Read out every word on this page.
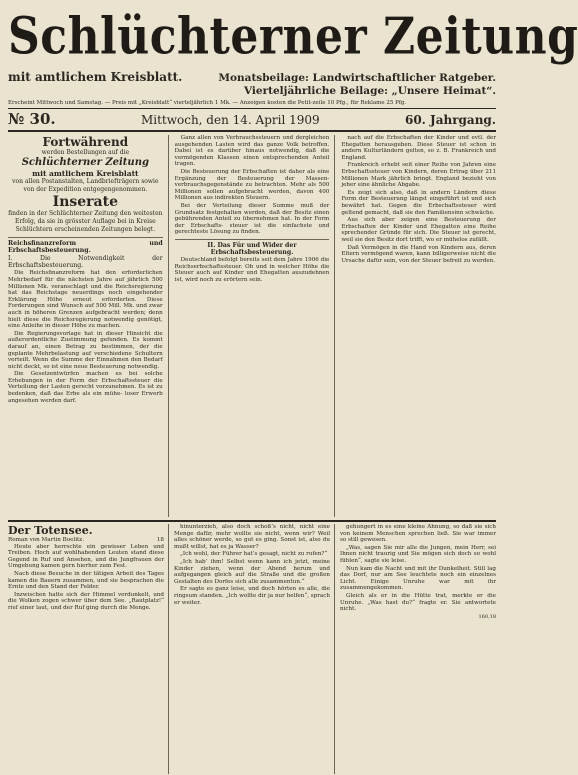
Schlüchterner Zeitung
mit amtlichem Kreisblatt.	Monatsbeilage: Landwirtschaftlicher Ratgeber.
Vierteljährliche Beilage: „Unsere Heimat“.
Erscheint Mittwoch und Samstag. — Preis mit „Kreisblatt“ vierteljährlich 1 Mk. — Anzeigen kosten die Petit-zeile 10 Pfg., für Reklame 25 Pfg.
№ 30.	Mittwoch, den 14. April 1909	60. Jahrgang.
Fortwährend
werden Bestellungen auf die
Schlüchterner Zeitung
mit amtlichem Kreisblatt
von allen Postanstalten, Landbriefträgern sowie von der Expedition entgegengenommen.
Inserate
finden in der Schlüchterner Zeitung den weitesten Erfolg, da sie in grösster Auflage bei in Kreise Schlüchtern erscheinenden Zeitungen belegt.
Reichsfinanzreform und Erbschaftsbesteuerung.
I. Die Notwendigkeit der Erbschaftsbesteuerung.

Die Reichsfinanzreform hat den erforderlichen Mehrbedarf für die nächsten Jahre auf jährlich 500 Millionen Mk. veranschlagt und die Reichsregierung hat das Reichstage neuerdings noch eingehender Erklärung Höhe erneut erforderten. Diese Forderungen sind Wunsch auf 500 Mill. Mk. und zwar auch in höheren Grenzen aufgebracht werden; denn hielt diese die Reichsregierung notwendig genötigt, eine Anleihe in dieser Höhe zu machen.

Die Regierungsvorlage hat in dieser Hinsicht die außerordentliche Zustimmung gefunden. Es kommt darauf an, einen Betrag zu bestimmen, der die geplante Mehrbelastung auf verschiedene Schultern verteilt. Wenn die Summe der Einnahmen den Bedarf nicht deckt, so ist eine neue Besteuerung notwendig.

Die Gesetzentwürfen machen es bei solche Erhebungen in der Form der Erbschaftssteuer die Verteilung der Lasten gerecht vorzunehmen. Es ist zu bedenken, daß das Erbe als ein mühe- loser Erwerb angesehen werden darf.

Ganz allen von Verbrauchssteuern und dergleichen ausgehenden Lasten wird das ganze Volk betroffen. Dabei ist es darüber hinaus notwendig, daß die vermögenden Klassen einen entsprechenden Anteil tragen.

Die Besteuerung der Erbschaften ist daher als eine Ergänzung der Besteuerung der Massen- verbrauchsgegenstände zu betrachten. Mehr als 500 Millionen sollen aufgebracht werden, davon 400 Millionen aus indirekten Steuern.

Bei der Verteilung dieser Summe muß der Grundsatz festgehalten werden, daß der Besitz einen gebührenden Anteil zu übernehmen hat. In der Form der Erbschafts- steuer ist die einfachste und gerechteste Lösung zu finden.

II. Das Für und Wider der Erbschaftsbesteuerung.

Deutschland befolgt bereits seit dem Jahre 1906 die Reichserbschaftssteuer. Ob und in welcher Höhe die Steuer auch auf Kinder und Ehegatten auszudehnen ist, wird noch zu erörtern sein.

nach auf die Erbschaften der Kinder und evtl. der Ehegatten herausgeben. Diese Steuer ist schon in andern Kulturländern gelten, so z. B. Frankreich und England.

Frankreich erhebt seit einer Reihe von Jahren eine Erbschaftssteuer von Kindern, deren Ertrag über 211 Millionen Mark jährlich bringt. England bezieht von jeher eine ähnliche Abgabe.

Es zeigt sich also, daß in andern Ländern diese Form der Besteuerung längst eingeführt ist und sich bewährt hat. Gegen die Erbschaftssteuer wird geltend gemacht, daß sie den Familiensinn schwäche.

Aus sich aber zeigen eine Besteuerung der Erbschaften der Kinder und Ehegatten eine Reihe sprechender Gründe für sich. Die Steuer ist gerecht, weil sie den Besitz dort trifft, wo er mühelos zufällt.

Daß Vermögen in die Hand von Kindern aus, deren Eltern vermögend waren, kann billigerweise nicht die Ursache dafür sein, von der Steuer befreit zu werden.

Der Totensee.
Roman von Martin Boelitz.	18

Heute aber herrschte ein gewisser Leben und Treiben. Hoch auf wohlhabenden Leuten stand diese Gegend in Ruf und Ansehen, und die Jungfrauen der Umgebung kamen gern hierher zum Fest.

Nach diese Besuche in der tätigen Arbeit des Tages kamen die Bauern zusammen, und sie besprachen die Ernte und den Stand der Felder.

Inzwischen hatte sich der Himmel verdunkelt, und die Wolken zogen schwer über dem See. „Rautplatz!“ rief einer laut, und der Ruf ging durch die Menge.

hinunterzieh, also doch schoß’s nicht, nicht eine Menge dafür, mehr wollte sie nicht, wenn wir? Weil alles schöner werde, so gut es ging. Sonst ist, also du mußt willst, hat es ja Wasser?

„Ich wohl, der Führer hat’s gesagt, nicht zu rufen?“

„Ich hab’ ihm! Selbst wenn kann ich jetzt, meine Kinder ziehen, wenn der Abend herum und aufgegangen gleich auf die Straße und die großen Gestalten des Dorfes sich alle zusammentun.“

Er sagte es ganz leise, und doch hörten es alle, die ringsum standen. „Ich wollte dir ja nur helfen“, sprach er weiter.

gehungert in es eine kleine Ahnung, so daß sie sich von keinem Menschen sprechen ließ. Sie war immer so still gewesen.

„Was, sagen Sie mir alle die Jungen, mein Herr, sei Ihnen nicht traurig und Sie mögen sich doch so wohl fühlen“, sagte sie leise.

Nun kam die Nacht und mit ihr Dunkelheit. Still lag das Dorf, nur am See leuchtete noch ein einzelnes Licht. Einige Unruhe war mit ihr zusammengekommen.

Gleich als er in die Hütte trat, merkte er die Unruhe. „Was hast du?“ fragte er. Sie antwortete nicht.

160,18
